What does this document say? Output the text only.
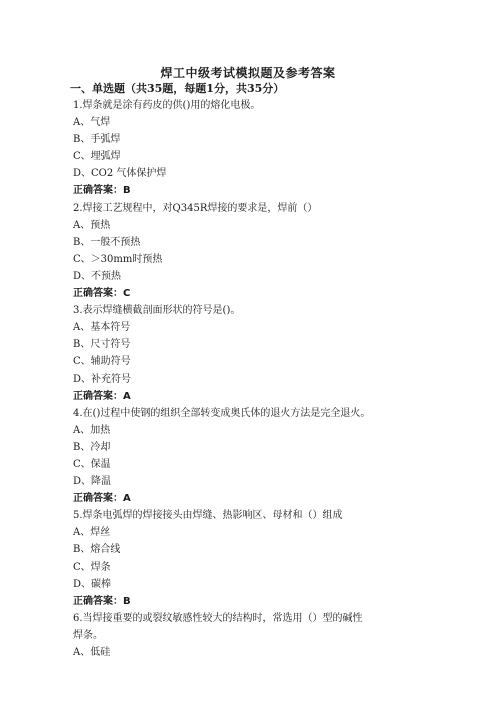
焊工中级考试模拟题及参考答案
一、单选题（共35题，每题1分，共35分）
1.焊条就是涂有药皮的供()用的熔化电极。
A、气焊
B、手弧焊
C、埋弧焊
D、CO2 气体保护焊
正确答案：B
2.焊接工艺规程中，对Q345R焊接的要求是，焊前（）
A、预热
B、一般不预热
C、＞30mm时预热
D、不预热
正确答案：C
3.表示焊缝横截剖面形状的符号是()。
A、基本符号
B、尺寸符号
C、辅助符号
D、补充符号
正确答案：A
4.在()过程中使钢的组织全部转变成奥氏体的退火方法是完全退火。
A、加热
B、冷却
C、保温
D、降温
正确答案：A
5.焊条电弧焊的焊接接头由焊缝、热影响区、母材和（）组成
A、焊丝
B、熔合线
C、焊条
D、碳棒
正确答案：B
6.当焊接重要的或裂纹敏感性较大的结构时，常选用（）型的碱性
焊条。
A、低硅
